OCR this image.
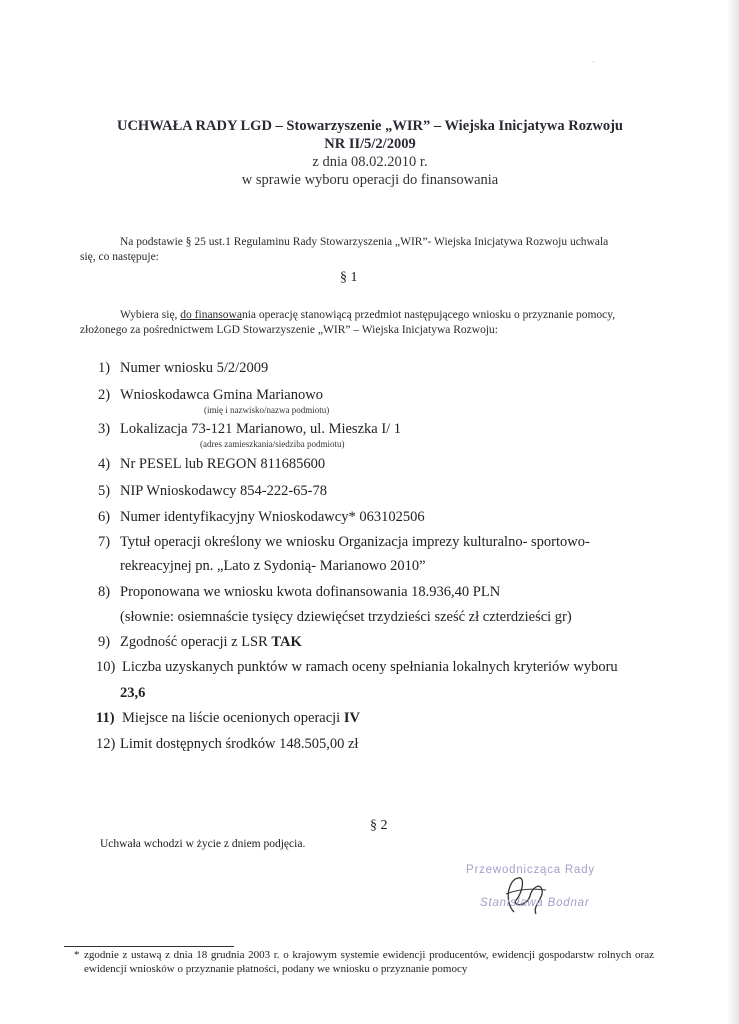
·
UCHWAŁA RADY LGD – Stowarzyszenie „WIR” – Wiejska Inicjatywa Rozwoju
NR II/5/2/2009
z dnia 08.02.2010 r.
w sprawie wyboru operacji do finansowania
Na podstawie § 25 ust.1 Regulaminu Rady Stowarzyszenia „WIR”- Wiejska Inicjatywa Rozwoju uchwala
się, co następuje:
§ 1
Wybiera się, do finansowania operację stanowiącą przedmiot następującego wniosku o przyznanie pomocy,
złożonego za pośrednictwem LGD Stowarzyszenie „WIR” – Wiejska Inicjatywa Rozwoju:
1) Numer wniosku 5/2/2009
2) Wnioskodawca Gmina Marianowo
(imię i nazwisko/nazwa podmiotu)
3) Lokalizacja 73-121 Marianowo, ul. Mieszka I/ 1
(adres zamieszkania/siedziba podmiotu)
4) Nr PESEL lub REGON 811685600
5) NIP Wnioskodawcy 854-222-65-78
6) Numer identyfikacyjny Wnioskodawcy* 063102506
7) Tytuł operacji określony we wniosku Organizacja imprezy kulturalno- sportowo-
rekreacyjnej pn. „Lato z Sydonią- Marianowo 2010”
8) Proponowana we wniosku kwota dofinansowania 18.936,40 PLN
(słownie: osiemnaście tysięcy dziewięćset trzydzieści sześć zł czterdzieści gr)
9) Zgodność operacji z LSR TAK
10) Liczba uzyskanych punktów w ramach oceny spełniania lokalnych kryteriów wyboru
23,6
11) Miejsce na liście ocenionych operacji IV
12) Limit dostępnych środków 148.505,00 zł
§ 2
Uchwała wchodzi w życie z dniem podjęcia.
Przewodnicząca Rady
Stanisława Bodnar
* zgodnie z ustawą z dnia 18 grudnia 2003 r. o krajowym systemie ewidencji producentów, ewidencji gospodarstw rolnych oraz ewidencji wniosków o przyznanie płatności, podany we wniosku o przyznanie pomocy
